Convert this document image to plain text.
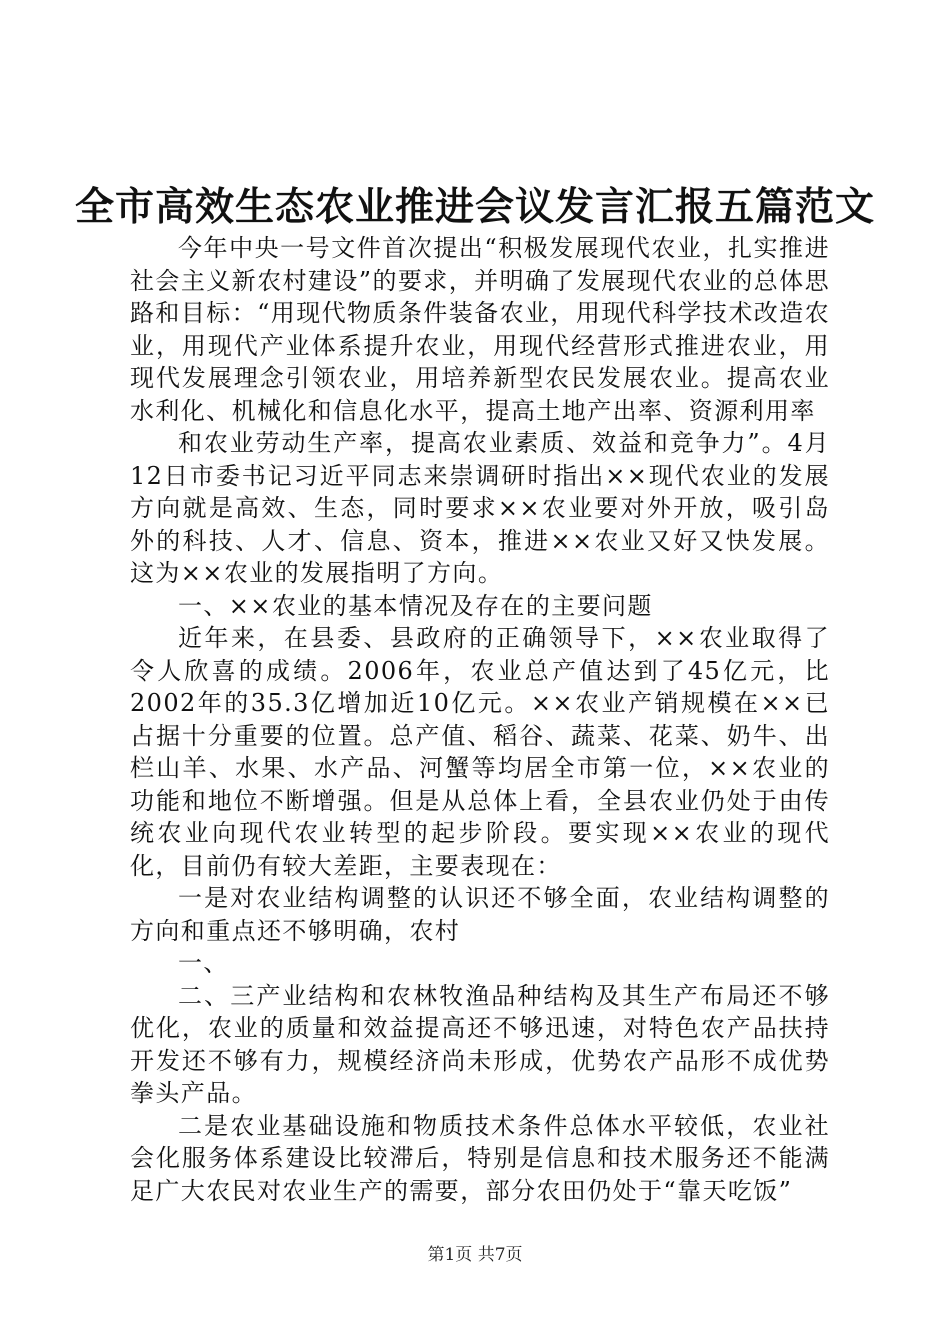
全市高效生态农业推进会议发言汇报五篇范文

今年中央一号文件首次提出“积极发展现代农业，扎实推进社会主义新农村建设”的要求，并明确了发展现代农业的总体思路和目标：“用现代物质条件装备农业，用现代科学技术改造农业，用现代产业体系提升农业，用现代经营形式推进农业，用现代发展理念引领农业，用培养新型农民发展农业。提高农业水利化、机械化和信息化水平，提高土地产出率、资源利用率

和农业劳动生产率，提高农业素质、效益和竞争力”。4月12日市委书记习近平同志来崇调研时指出××现代农业的发展方向就是高效、生态，同时要求××农业要对外开放，吸引岛外的科技、人才、信息、资本，推进××农业又好又快发展。这为××农业的发展指明了方向。

一、××农业的基本情况及存在的主要问题

近年来，在县委、县政府的正确领导下，××农业取得了令人欣喜的成绩。2006年，农业总产值达到了45亿元，比2002年的35.3亿增加近10亿元。××农业产销规模在××已占据十分重要的位置。总产值、稻谷、蔬菜、花菜、奶牛、出栏山羊、水果、水产品、河蟹等均居全市第一位，××农业的功能和地位不断增强。但是从总体上看，全县农业仍处于由传统农业向现代农业转型的起步阶段。要实现××农业的现代化，目前仍有较大差距，主要表现在：

一是对农业结构调整的认识还不够全面，农业结构调整的方向和重点还不够明确，农村

一、

二、三产业结构和农林牧渔品种结构及其生产布局还不够优化，农业的质量和效益提高还不够迅速，对特色农产品扶持开发还不够有力，规模经济尚未形成，优势农产品形不成优势拳头产品。

二是农业基础设施和物质技术条件总体水平较低，农业社会化服务体系建设比较滞后，特别是信息和技术服务还不能满足广大农民对农业生产的需要，部分农田仍处于“靠天吃饭”

第1页 共7页
